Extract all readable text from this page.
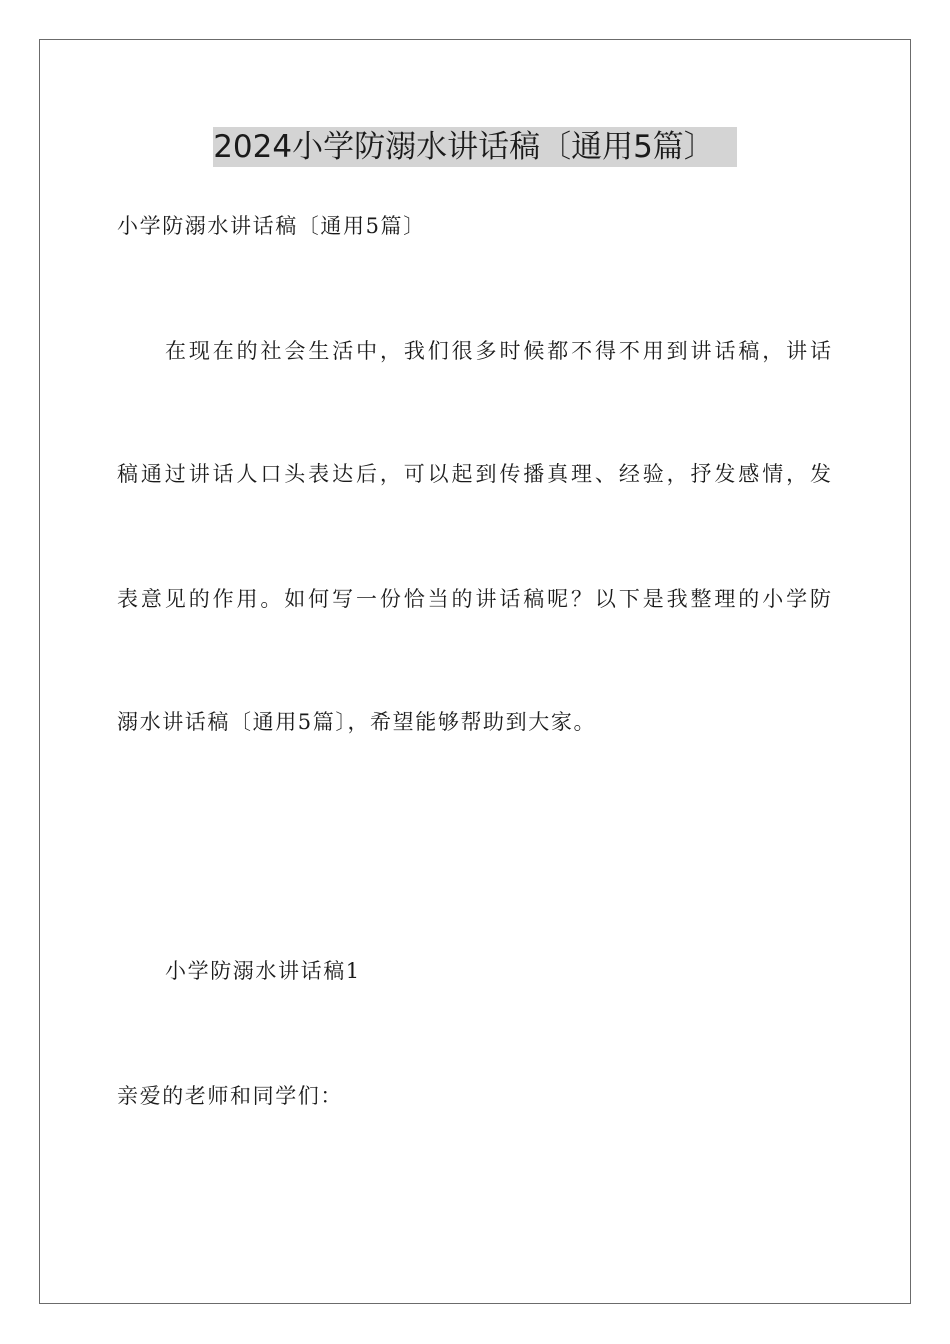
2024小学防溺水讲话稿〔通用5篇〕
小学防溺水讲话稿〔通用5篇〕
在现在的社会生活中，我们很多时候都不得不用到讲话稿，讲话
稿通过讲话人口头表达后，可以起到传播真理、经验，抒发感情，发
表意见的作用。如何写一份恰当的讲话稿呢？以下是我整理的小学防
溺水讲话稿〔通用5篇〕，希望能够帮助到大家。
小学防溺水讲话稿1
亲爱的老师和同学们：
